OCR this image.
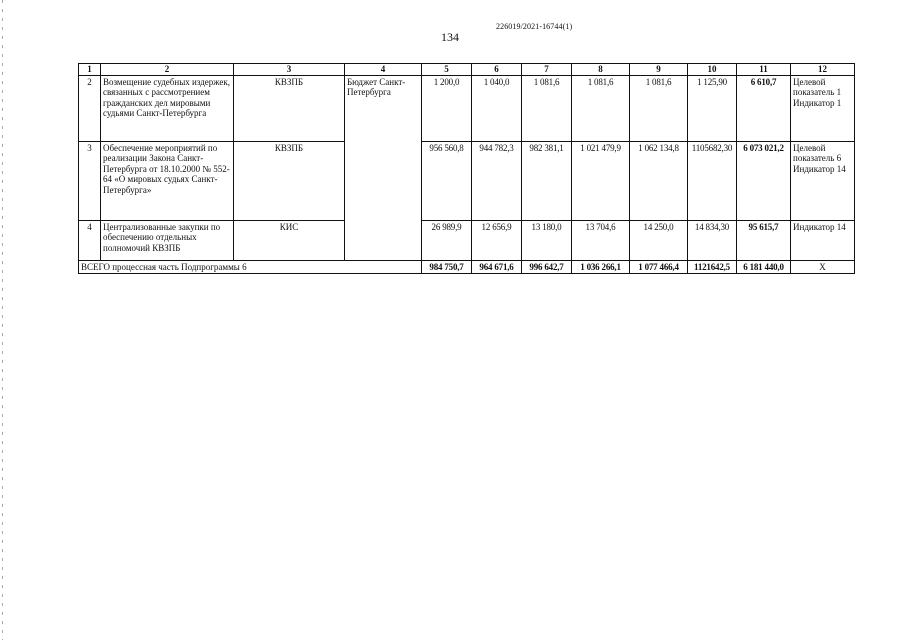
226019/2021-16744(1)
134
1	2	3	4	5	6	7	8	9	10	11	12
2	Возмещение судебных издержек, связанных с рассмотрением гражданских дел мировыми судьями Санкт-Петербурга	КВЗПБ	Бюджет Санкт-Петербурга	1 200,0	1 040,0	1 081,6	1 081,6	1 081,6	1 125,90	6 610,7	Целевой показатель 1 Индикатор 1
3	Обеспечение мероприятий по реализации Закона Санкт-Петербурга от 18.10.2000 № 552-64 «О мировых судьях Санкт-Петербурга»	КВЗПБ		956 560,8	944 782,3	982 381,1	1 021 479,9	1 062 134,8	1105682,30	6 073 021,2	Целевой показатель 6 Индикатор 14
4	Централизованные закупки по обеспечению отдельных полномочий КВЗПБ	КИС		26 989,9	12 656,9	13 180,0	13 704,6	14 250,0	14 834,30	95 615,7	Индикатор 14
ВСЕГО процессная часть Подпрограммы 6				984 750,7	964 671,6	996 642,7	1 036 266,1	1 077 466,4	1121642,5	6 181 440,0	Х
